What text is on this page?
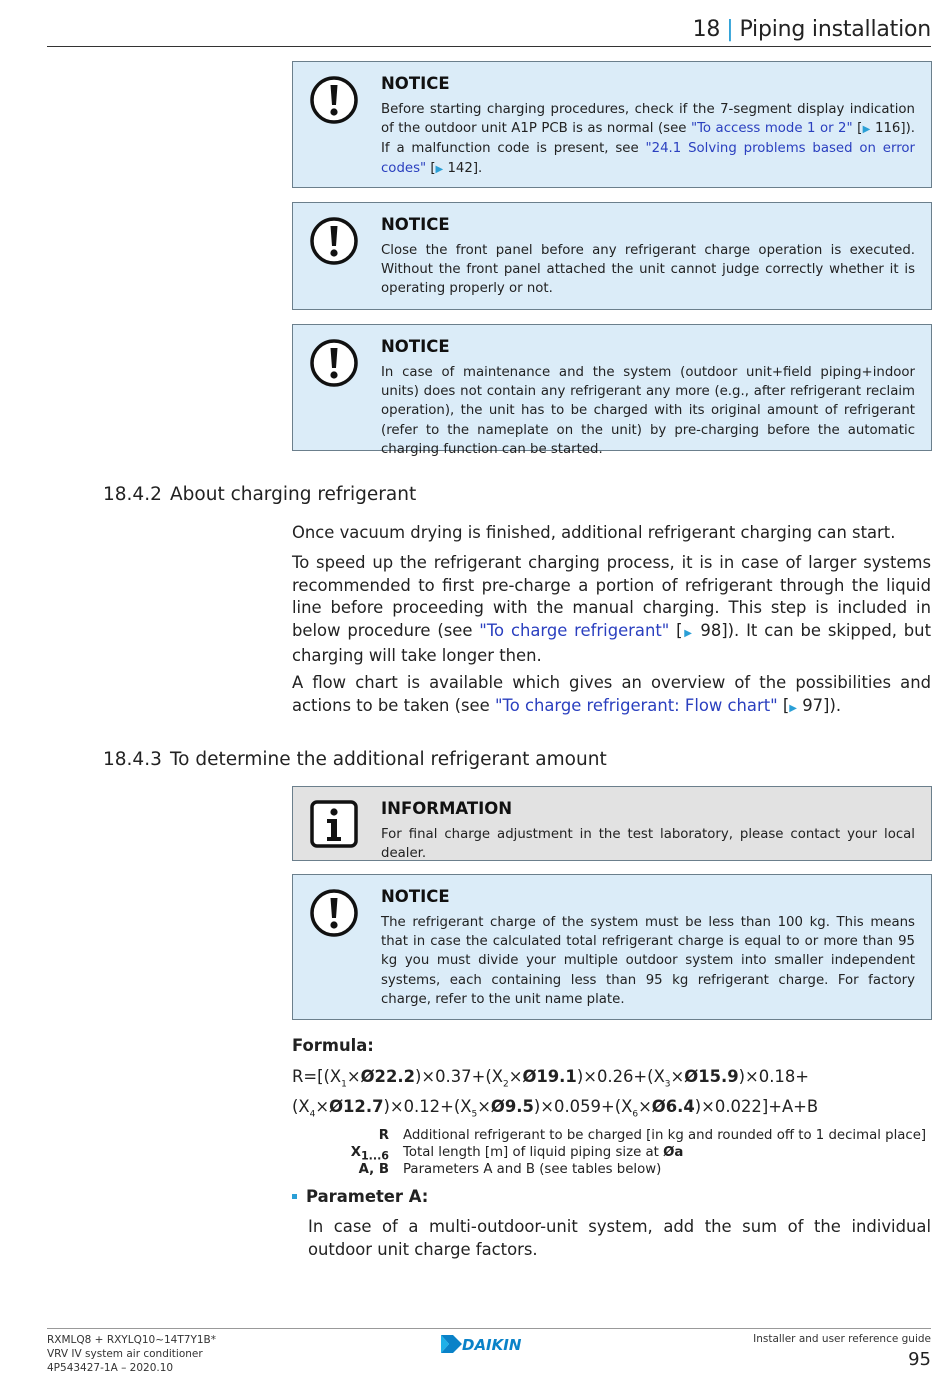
18 | Piping installation
NOTICE
Before starting charging procedures, check if the 7-segment display indication of the outdoor unit A1P PCB is as normal (see "To access mode 1 or 2" [▶ 116]). If a malfunction code is present, see "24.1 Solving problems based on error codes" [▶ 142].
NOTICE
Close the front panel before any refrigerant charge operation is executed. Without the front panel attached the unit cannot judge correctly whether it is operating properly or not.
NOTICE
In case of maintenance and the system (outdoor unit+field piping+indoor units) does not contain any refrigerant any more (e.g., after refrigerant reclaim operation), the unit has to be charged with its original amount of refrigerant (refer to the nameplate on the unit) by pre-charging before the automatic charging function can be started.
18.4.2 About charging refrigerant
Once vacuum drying is finished, additional refrigerant charging can start.
To speed up the refrigerant charging process, it is in case of larger systems recommended to first pre-charge a portion of refrigerant through the liquid line before proceeding with the manual charging. This step is included in below procedure (see "To charge refrigerant" [▶ 98]). It can be skipped, but charging will take longer then.
A flow chart is available which gives an overview of the possibilities and actions to be taken (see "To charge refrigerant: Flow chart" [▶ 97]).
18.4.3 To determine the additional refrigerant amount
INFORMATION
For final charge adjustment in the test laboratory, please contact your local dealer.
NOTICE
The refrigerant charge of the system must be less than 100 kg. This means that in case the calculated total refrigerant charge is equal to or more than 95 kg you must divide your multiple outdoor system into smaller independent systems, each containing less than 95 kg refrigerant charge. For factory charge, refer to the unit name plate.
Formula:
$R=[(X_1\times Ø22.2)\times 0.37+(X_2\times Ø19.1)\times 0.26+(X_3\times Ø15.9)\times 0.18+$
$(X_4\times Ø12.7)\times 0.12+(X_5\times Ø9.5)\times 0.059+(X_6\times Ø6.4)\times 0.022]+A+B$
R Additional refrigerant to be charged [in kg and rounded off to 1 decimal place]
$X_{1...6}$ Total length [m] of liquid piping size at Øa
A, B Parameters A and B (see tables below)
Parameter A:
In case of a multi-outdoor-unit system, add the sum of the individual outdoor unit charge factors.
RXMLQ8 + RXYLQ10~14T7Y1B*
VRV IV system air conditioner
4P543427-1A – 2020.10
DAIKIN	Installer and user reference guide
95
